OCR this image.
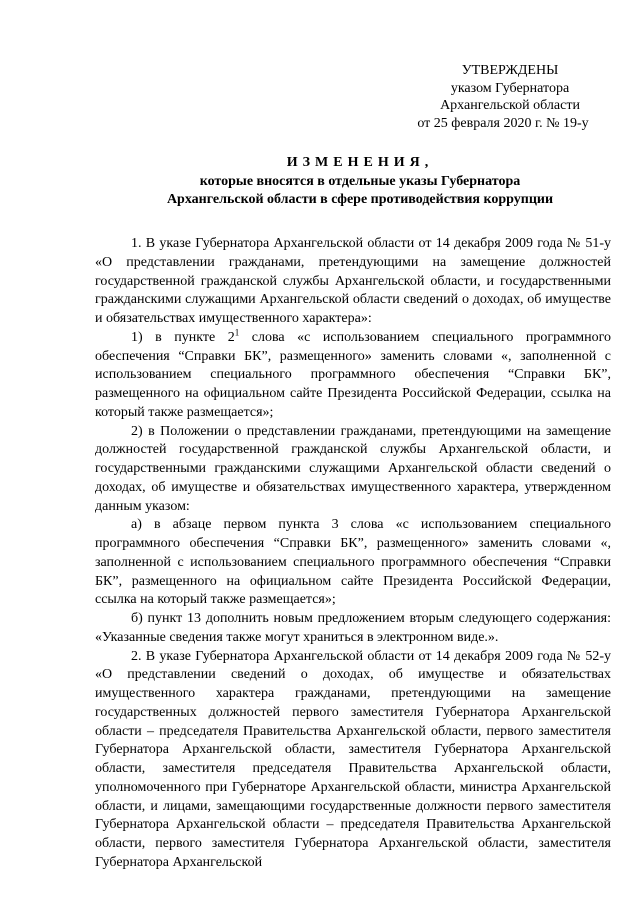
УТВЕРЖДЕНЫ
указом Губернатора
Архангельской области
от 25 февраля 2020 г. № 19-у
ИЗМЕНЕНИЯ,
которые вносятся в отдельные указы Губернатора
Архангельской области в сфере противодействия коррупции

1. В указе Губернатора Архангельской области от 14 декабря 2009 года № 51-у «О представлении гражданами, претендующими на замещение должностей государственной гражданской службы Архангельской области, и государственными гражданскими служащими Архангельской области сведений о доходах, об имуществе и обязательствах имущественного характера»:

1) в пункте $2^1$ слова «с использованием специального программного обеспечения “Справки БК”, размещенного» заменить словами «, заполненной с использованием специального программного обеспечения “Справки БК”, размещенного на официальном сайте Президента Российской Федерации, ссылка на который также размещается»;

2) в Положении о представлении гражданами, претендующими на замещение должностей государственной гражданской службы Архангельской области, и государственными гражданскими служащими Архангельской области сведений о доходах, об имуществе и обязательствах имущественного характера, утвержденном данным указом:

а) в абзаце первом пункта 3 слова «с использованием специального программного обеспечения “Справки БК”, размещенного» заменить словами «, заполненной с использованием специального программного обеспечения “Справки БК”, размещенного на официальном сайте Президента Российской Федерации, ссылка на который также размещается»;

б) пункт 13 дополнить новым предложением вторым следующего содержания: «Указанные сведения также могут храниться в электронном виде.».

2. В указе Губернатора Архангельской области от 14 декабря 2009 года № 52-у «О представлении сведений о доходах, об имуществе и обязательствах имущественного характера гражданами, претендующими на замещение государственных должностей первого заместителя Губернатора Архангельской области – председателя Правительства Архангельской области, первого заместителя Губернатора Архангельской области, заместителя Губернатора Архангельской области, заместителя председателя Правительства Архангельской области, уполномоченного при Губернаторе Архангельской области, министра Архангельской области, и лицами, замещающими государственные должности первого заместителя Губернатора Архангельской области – председателя Правительства Архангельской области, первого заместителя Губернатора Архангельской области, заместителя Губернатора Архангельской
